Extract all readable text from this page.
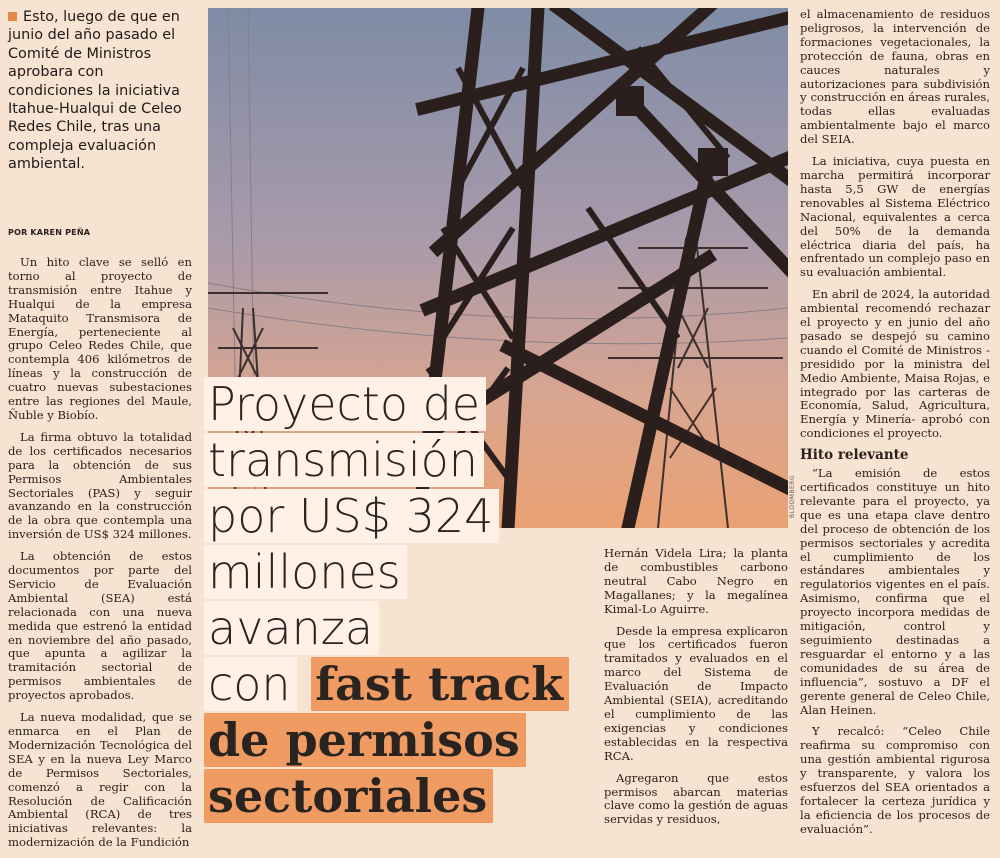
Esto, luego de que en junio del año pasado el Comité de Ministros aprobara con condiciones la iniciativa Itahue-Hualqui de Celeo Redes Chile, tras una compleja evaluación ambiental.
POR KAREN PEÑA

Un hito clave se selló en torno al proyecto de transmisión entre Itahue y Hualqui de la empresa Mataquito Transmisora de Energía, perteneciente al grupo Celeo Redes Chile, que contempla 406 kilómetros de líneas y la construcción de cuatro nuevas subestaciones entre las regiones del Maule, Ñuble y Biobío.

La firma obtuvo la totalidad de los certificados necesarios para la obtención de sus Permisos Ambientales Sectoriales (PAS) y seguir avanzando en la construcción de la obra que contempla una inversión de US$ 324 millones.

La obtención de estos documentos por parte del Servicio de Evaluación Ambiental (SEA) está relacionada con una nueva medida que estrenó la entidad en noviembre del año pasado, que apunta a agilizar la tramitación sectorial de permisos ambientales de proyectos aprobados.

La nueva modalidad, que se enmarca en el Plan de Modernización Tecnológica del SEA y en la nueva Ley Marco de Permisos Sectoriales, comenzó a regir con la Resolución de Calificación Ambiental (RCA) de tres iniciativas relevantes: la modernización de la Fundición

BLOOMBERG
Proyecto de
transmisión
por US$ 324
millones avanza
con fast track
de permisos
sectoriales

Hernán Videla Lira; la planta de combustibles carbono neutral Cabo Negro en Magallanes; y la megalínea Kimal-Lo Aguirre.

Desde la empresa explicaron que los certificados fueron tramitados y evaluados en el marco del Sistema de Evaluación de Impacto Ambiental (SEIA), acreditando el cumplimiento de las exigencias y condiciones establecidas en la respectiva RCA.

Agregaron que estos permisos abarcan materias clave como la gestión de aguas servidas y residuos,

el almacenamiento de residuos peligrosos, la intervención de formaciones vegetacionales, la protección de fauna, obras en cauces naturales y autorizaciones para subdivisión y construcción en áreas rurales, todas ellas evaluadas ambientalmente bajo el marco del SEIA.

La iniciativa, cuya puesta en marcha permitirá incorporar hasta 5,5 GW de energías renovables al Sistema Eléctrico Nacional, equivalentes a cerca del 50% de la demanda eléctrica diaria del país, ha enfrentado un complejo paso en su evaluación ambiental.

En abril de 2024, la autoridad ambiental recomendó rechazar el proyecto y en junio del año pasado se despejó su camino cuando el Comité de Ministros -presidido por la ministra del Medio Ambiente, Maisa Rojas, e integrado por las carteras de Economía, Salud, Agricultura, Energía y Minería- aprobó con condiciones el proyecto.

Hito relevante

“La emisión de estos certificados constituye un hito relevante para el proyecto, ya que es una etapa clave dentro del proceso de obtención de los permisos sectoriales y acredita el cumplimiento de los estándares ambientales y regulatorios vigentes en el país. Asimismo, confirma que el proyecto incorpora medidas de mitigación, control y seguimiento destinadas a resguardar el entorno y a las comunidades de su área de influencia”, sostuvo a DF el gerente general de Celeo Chile, Alan Heinen.

Y recalcó: “Celeo Chile reafirma su compromiso con una gestión ambiental rigurosa y transparente, y valora los esfuerzos del SEA orientados a fortalecer la certeza jurídica y la eficiencia de los procesos de evaluación”.
